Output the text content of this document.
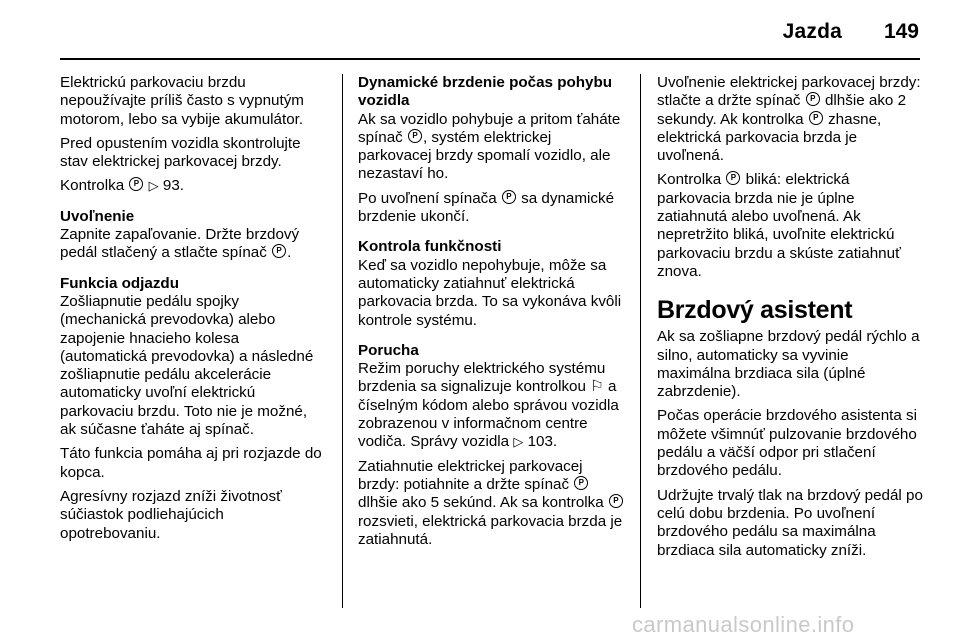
Jazda 149

Elektrickú parkovaciu brzdu nepoužívajte príliš často s vypnutým motorom, lebo sa vybije akumulátor.

Pred opustením vozidla skontrolujte stav elektrickej parkovacej brzdy.

Kontrolka P ▷ 93.

Uvoľnenie

Zapnite zapaľovanie. Držte brzdový pedál stlačený a stlačte spínač P .

Funkcia odjazdu

Zošliapnutie pedálu spojky (mechanická prevodovka) alebo zapojenie hnacieho kolesa (automatická prevodovka) a následné zošliapnutie pedálu akcelerácie automaticky uvoľní elektrickú parkovaciu brzdu. Toto nie je možné, ak súčasne ťaháte aj spínač.

Táto funkcia pomáha aj pri rozjazde do kopca.

Agresívny rozjazd zníži životnosť súčiastok podliehajúcich opotrebovaniu.

Dynamické brzdenie počas pohybu vozidla

Ak sa vozidlo pohybuje a pritom ťaháte spínač P , systém elektrickej parkovacej brzdy spomalí vozidlo, ale nezastaví ho.

Po uvoľnení spínača P sa dynamické brzdenie ukončí.

Kontrola funkčnosti

Keď sa vozidlo nepohybuje, môže sa automaticky zatiahnuť elektrická parkovacia brzda. To sa vykonáva kvôli kontrole systému.

Porucha

Režim poruchy elektrického systému brzdenia sa signalizuje kontrolkou ⚐ a číselným kódom alebo správou vozidla zobrazenou v informačnom centre vodiča. Správy vozidla ▷ 103.

Zatiahnutie elektrickej parkovacej brzdy: potiahnite a držte spínač P dlhšie ako 5 sekúnd. Ak sa kontrolka P rozsvieti, elektrická parkovacia brzda je zatiahnutá.

Uvoľnenie elektrickej parkovacej brzdy: stlačte a držte spínač P dlhšie ako 2 sekundy. Ak kontrolka P zhasne, elektrická parkovacia brzda je uvoľnená.

Kontrolka P bliká: elektrická parkovacia brzda nie je úplne zatiahnutá alebo uvoľnená. Ak nepretržito bliká, uvoľnite elektrickú parkovaciu brzdu a skúste zatiahnuť znova.

Brzdový asistent

Ak sa zošliapne brzdový pedál rýchlo a silno, automaticky sa vyvinie maximálna brzdiaca sila (úplné zabrzdenie).

Počas operácie brzdového asistenta si môžete všimnúť pulzovanie brzdového pedálu a väčší odpor pri stlačení brzdového pedálu.

Udržujte trvalý tlak na brzdový pedál po celú dobu brzdenia. Po uvoľnení brzdového pedálu sa maximálna brzdiaca sila automaticky zníži.

carmanualsonline.info
